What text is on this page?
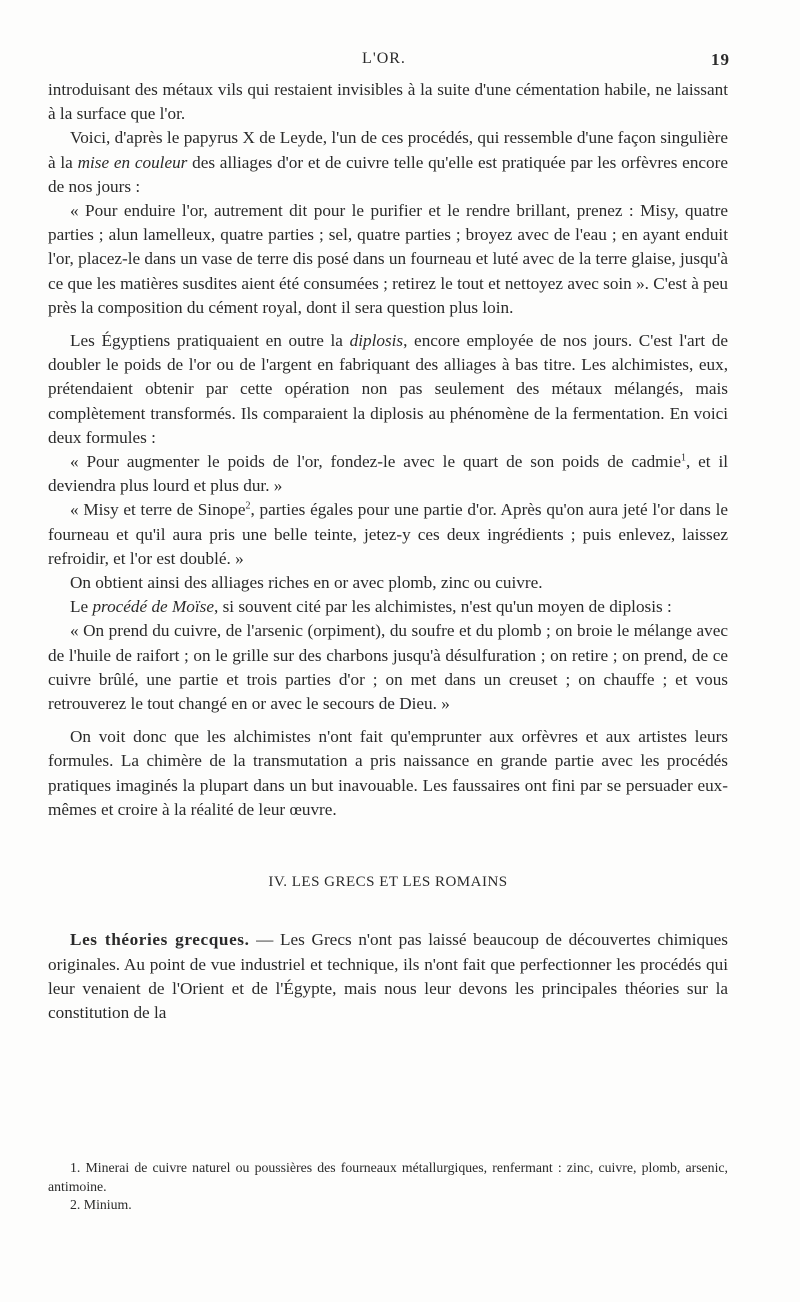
L'OR.	19

introduisant des métaux vils qui restaient invisibles à la suite d'une cémentation habile, ne laissant à la surface que l'or.

Voici, d'après le papyrus X de Leyde, l'un de ces procédés, qui ressemble d'une façon singulière à la mise en couleur des alliages d'or et de cuivre telle qu'elle est pratiquée par les orfèvres encore de nos jours :

« Pour enduire l'or, autrement dit pour le purifier et le rendre brillant, prenez : Misy, quatre parties ; alun lamelleux, quatre parties ; sel, quatre parties ; broyez avec de l'eau ; en ayant enduit l'or, placez-le dans un vase de terre dis posé dans un fourneau et luté avec de la terre glaise, jusqu'à ce que les matières susdites aient été consumées ; retirez le tout et nettoyez avec soin ». C'est à peu près la composition du cément royal, dont il sera question plus loin.

Les Égyptiens pratiquaient en outre la diplosis, encore employée de nos jours. C'est l'art de doubler le poids de l'or ou de l'argent en fabriquant des alliages à bas titre. Les alchimistes, eux, prétendaient obtenir par cette opération non pas seulement des métaux mélangés, mais complètement transformés. Ils comparaient la diplosis au phénomène de la fermentation. En voici deux formules :

« Pour augmenter le poids de l'or, fondez-le avec le quart de son poids de cadmie$^1$, et il deviendra plus lourd et plus dur. »

« Misy et terre de Sinope$^2$, parties égales pour une partie d'or. Après qu'on aura jeté l'or dans le fourneau et qu'il aura pris une belle teinte, jetez-y ces deux ingrédients ; puis enlevez, laissez refroidir, et l'or est doublé. »

On obtient ainsi des alliages riches en or avec plomb, zinc ou cuivre.

Le procédé de Moïse, si souvent cité par les alchimistes, n'est qu'un moyen de diplosis :

« On prend du cuivre, de l'arsenic (orpiment), du soufre et du plomb ; on broie le mélange avec de l'huile de raifort ; on le grille sur des charbons jusqu'à désulfuration ; on retire ; on prend, de ce cuivre brûlé, une partie et trois parties d'or ; on met dans un creuset ; on chauffe ; et vous retrouverez le tout changé en or avec le secours de Dieu. »

On voit donc que les alchimistes n'ont fait qu'emprunter aux orfèvres et aux artistes leurs formules. La chimère de la transmutation a pris naissance en grande partie avec les procédés pratiques imaginés la plupart dans un but inavouable. Les faussaires ont fini par se persuader eux-mêmes et croire à la réalité de leur œuvre.

IV. LES GRECS ET LES ROMAINS

Les théories grecques. — Les Grecs n'ont pas laissé beaucoup de découvertes chimiques originales. Au point de vue industriel et technique, ils n'ont fait que perfectionner les procédés qui leur venaient de l'Orient et de l'Égypte, mais nous leur devons les principales théories sur la constitution de la

1. Minerai de cuivre naturel ou poussières des fourneaux métallurgiques, renfermant : zinc, cuivre, plomb, arsenic, antimoine.

2. Minium.
